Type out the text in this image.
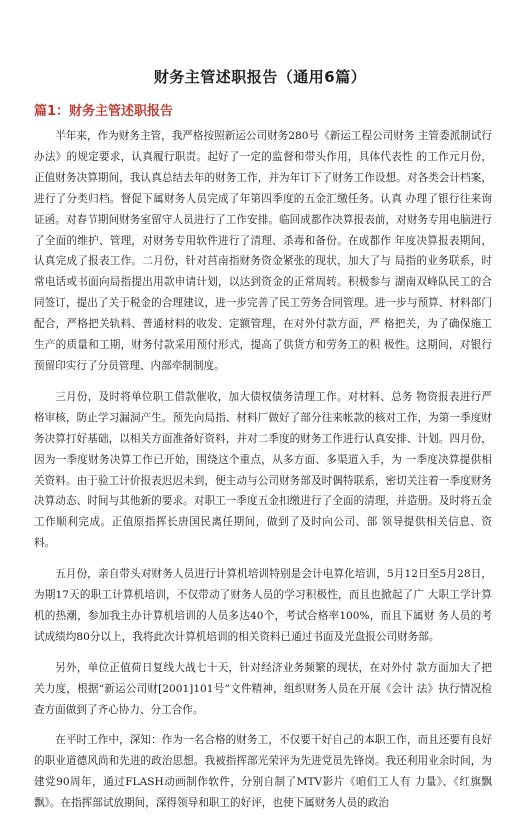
财务主管述职报告（通用6篇）
篇1：财务主管述职报告

半年来，作为财务主管，我严格按照新运公司财务280号《新运工程公司财务 主管委派制试行办法》的规定要求，认真履行职责。起好了一定的监督和带头作用，具体代表性 的工作元月份，正值财务决算期间，我认真总结去年的财务工作，并为年订下了财务工作设想。对各类会计档案，进行了分类归档。督促下属财务人员完成了年第四季度的五金汇缴任务。认真 办理了银行往来询证函。对春节期间财务室留守人员进行了工作安排。临回成都作决算报表前，对财务专用电脑进行了全面的维护、管理，对财务专用软件进行了清理、杀毒和备份。在成都作 年度决算报表期间，认真完成了报表工作。二月份，针对莒南指财务资金紧张的现状，加大了与 局指的业务联系，时常电话或书面向局指提出用款申请计划，以达到资金的正常周转。积极参与 湖南双峰队民工的合同签订，提出了关于税金的合理建议，进一步完善了民工劳务合同管理。进一步与预算、材料部门配合，严格把关轨料、普通材料的收发、定额管理，在对外付款方面，严 格把关，为了确保施工生产的质量和工期，财务付款采用预付形式，提高了供货方和劳务工的积 极性。这期间，对银行预留印实行了分员管理、内部牵制制度。

三月份，及时将单位职工借款催收，加大债权债务清理工作。对材料、总务 物资报表进行严格审核，防止学习漏洞产生。预先向局指、材料厂做好了部分往来帐款的核对工作，为第一季度财务决算打好基础，以相关方面准备好资料，并对二季度的财务工作进行认真安排、计划。四月份，因为一季度财务决算工作已开始，围绕这个重点，从多方面、多渠道入手，为 一季度决算提供相关资料。由于验工计价报表迟迟未到，便主动与公司财务部及时偶特联系，密切关注着一季度财务决算动态、时间与其他新的要求。对职工一季度五金扣缴进行了全面的清理，并造册。及时将五金工作顺利完成。正值原指挥长唐国民离任期间，做到了及时向公司、部 领导提供相关信息、资料。

五月份，亲自带头对财务人员进行计算机培训特别是会计电算化培训，5月12日至5月28日，为期17天的职工计算机培训，不仅带动了财务人员的学习积极性，而且也掀起了广 大职工学计算机的热潮，参加我主办计算机培训的人员多达40个，考试合格率100%，而且下属财 务人员的考试成绩均80分以上，我将此次计算机培训的相关资料已通过书面及光盘报公司财务部。

另外，单位正值荷日复线大战七十天，针对经济业务频繁的现状，在对外付 款方面加大了把关力度，根据“新运公司财[2001]101号”文件精神，组织财务人员在开展《会计 法》执行情况检查方面做到了齐心协力、分工合作。

在平时工作中，深知：作为一名合格的财务工，不仅要干好自己的本职工作，而且还要有良好的职业道德风尚和先进的政治思想。我被指挥部光荣评为先进党员先锋岗。我还利用业余时间，为建党90周年，通过FLASH动画制作软件，分别自制了MTV影片《咱们工人有 力量》、《红旗飘飘》。在指挥部试放期间，深得领导和职工的好评，也使下属财务人员的政治
